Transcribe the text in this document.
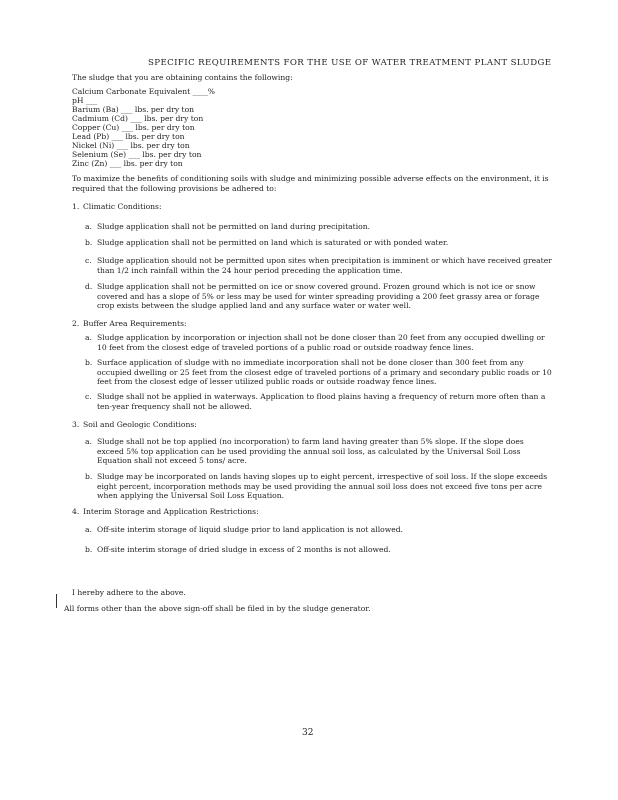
SPECIFIC REQUIREMENTS FOR THE USE OF WATER TREATMENT PLANT SLUDGE
The sludge that you are obtaining contains the following:
Calcium Carbonate Equivalent ____%
pH ___
Barium (Ba) ___ lbs. per dry ton
Cadmium (Cd) ___ lbs. per dry ton
Copper (Cu) ___ lbs. per dry ton
Lead (Pb) ___ lbs. per dry ton
Nickel (Ni) ___ lbs. per dry ton
Selenium (Se) ___ lbs. per dry ton
Zinc (Zn) ___ lbs. per dry ton
To maximize the benefits of conditioning soils with sludge and minimizing possible adverse effects on the environment, it is required that the following provisions be adhered to:
1. Climatic Conditions:
a. Sludge application shall not be permitted on land during precipitation.
b. Sludge application shall not be permitted on land which is saturated or with ponded water.
c. Sludge application should not be permitted upon sites when precipitation is imminent or which have received greater than 1/2 inch rainfall within the 24 hour period preceding the application time.
d. Sludge application shall not be permitted on ice or snow covered ground. Frozen ground which is not ice or snow covered and has a slope of 5% or less may be used for winter spreading providing a 200 feet grassy area or forage crop exists between the sludge applied land and any surface water or water well.
2. Buffer Area Requirements:
a. Sludge application by incorporation or injection shall not be done closer than 20 feet from any occupied dwelling or 10 feet from the closest edge of traveled portions of a public road or outside roadway fence lines.
b. Surface application of sludge with no immediate incorporation shall not be done closer than 300 feet from any occupied dwelling or 25 feet from the closest edge of traveled portions of a primary and secondary public roads or 10 feet from the closest edge of lesser utilized public roads or outside roadway fence lines.
c. Sludge shall not be applied in waterways. Application to flood plains having a frequency of return more often than a ten-year frequency shall not be allowed.
3. Soil and Geologic Conditions:
a. Sludge shall not be top applied (no incorporation) to farm land having greater than 5% slope. If the slope does exceed 5% top application can be used providing the annual soil loss, as calculated by the Universal Soil Loss Equation shall not exceed 5 tons/ acre.
b. Sludge may be incorporated on lands having slopes up to eight percent, irrespective of soil loss. If the slope exceeds eight percent, incorporation methods may be used providing the annual soil loss does not exceed five tons per acre when applying the Universal Soil Loss Equation.
4. Interim Storage and Application Restrictions:
a. Off-site interim storage of liquid sludge prior to land application is not allowed.
b. Off-site interim storage of dried sludge in excess of 2 months is not allowed.
I hereby adhere to the above.
All forms other than the above sign-off shall be filed in by the sludge generator.
32
